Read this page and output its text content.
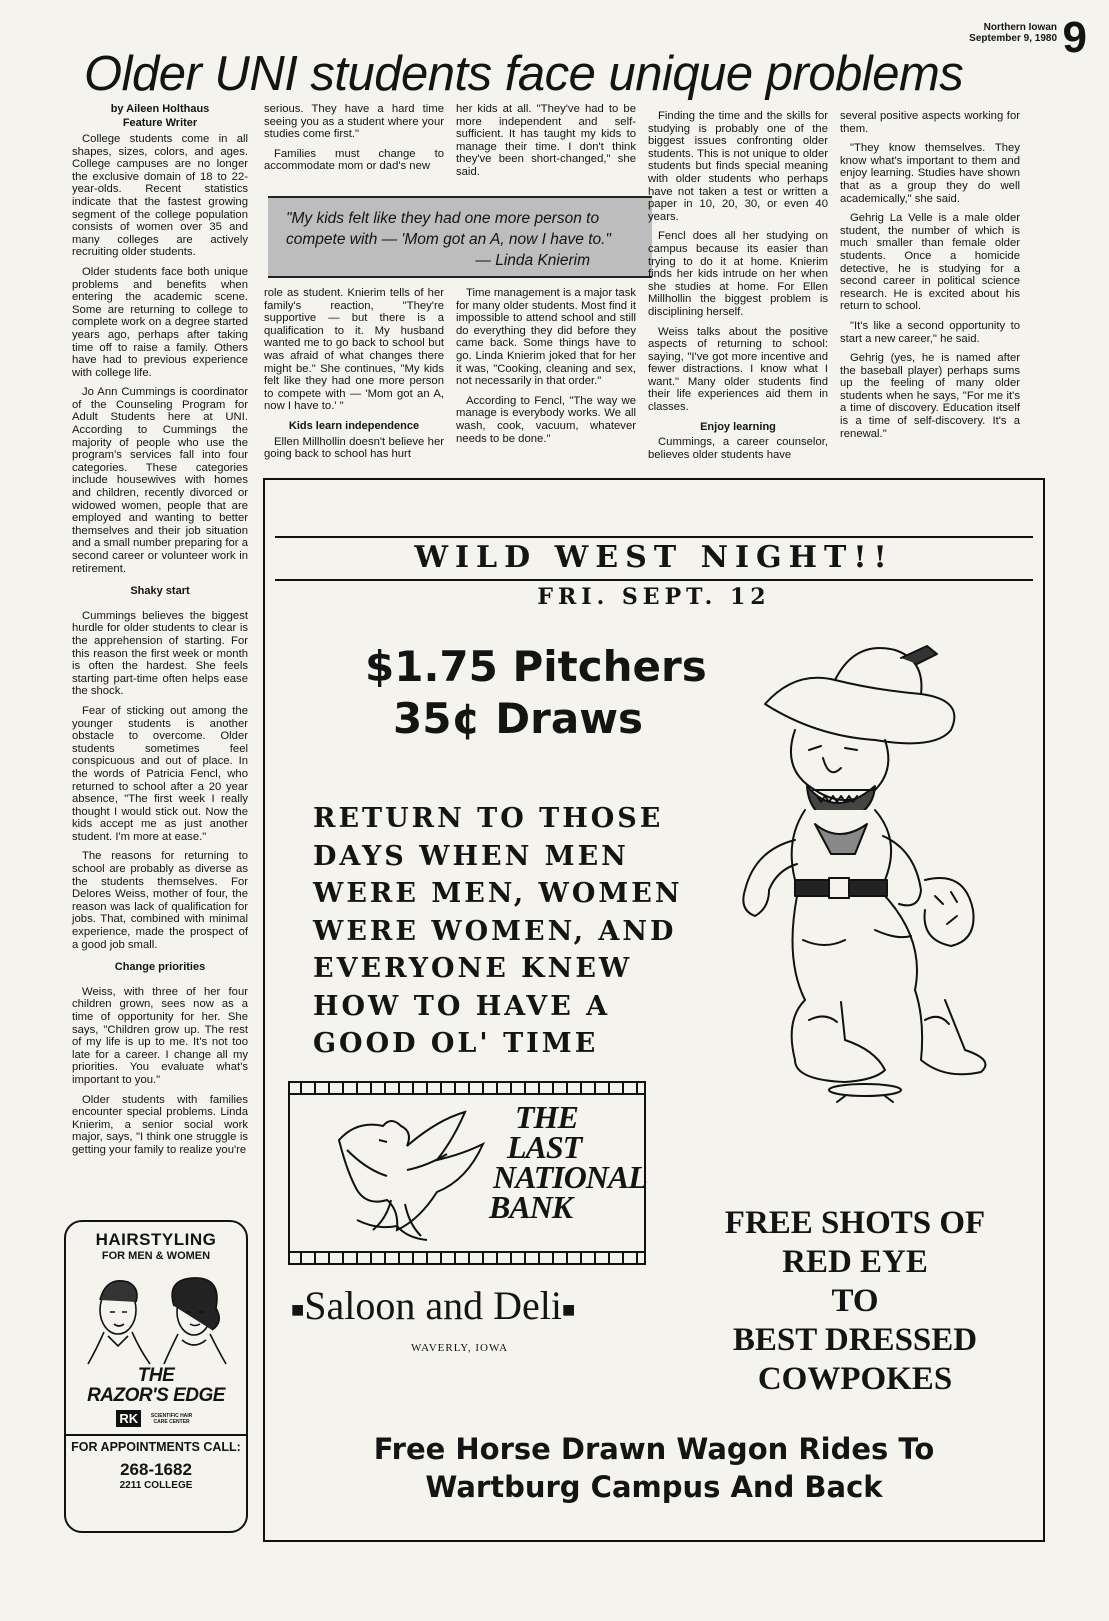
Northern Iowan
September 9, 1980 9
Older UNI students face unique problems
by Aileen Holthaus
Feature Writer

College students come in all shapes, sizes, colors, and ages. College campuses are no longer the exclusive domain of 18 to 22-year-olds. Recent statistics indicate that the fastest growing segment of the college population consists of women over 35 and many colleges are actively recruiting older students.

Older students face both unique problems and benefits when entering the academic scene. Some are returning to college to complete work on a degree started years ago, perhaps after taking time off to raise a family. Others have had to previous experience with college life.

Jo Ann Cummings is coordinator of the Counseling Program for Adult Students here at UNI. According to Cummings the majority of people who use the program's services fall into four categories. These categories include housewives with homes and children, recently divorced or widowed women, people that are employed and wanting to better themselves and their job situation and a small number preparing for a second career or volunteer work in retirement.

Shaky start

Cummings believes the biggest hurdle for older students to clear is the apprehension of starting. For this reason the first week or month is often the hardest. She feels starting part-time often helps ease the shock.

Fear of sticking out among the younger students is another obstacle to overcome. Older students sometimes feel conspicuous and out of place. In the words of Patricia Fencl, who returned to school after a 20 year absence, "The first week I really thought I would stick out. Now the kids accept me as just another student. I'm more at ease."

The reasons for returning to school are probably as diverse as the students themselves. For Delores Weiss, mother of four, the reason was lack of qualification for jobs. That, combined with minimal experience, made the prospect of a good job small.

Change priorities

Weiss, with three of her four children grown, sees now as a time of opportunity for her. She says, "Children grow up. The rest of my life is up to me. It's not too late for a career. I change all my priorities. You evaluate what's important to you."

Older students with families encounter special problems. Linda Knierim, a senior social work major, says, "I think one struggle is getting your family to realize you're

serious. They have a hard time seeing you as a student where your studies come first."

Families must change to accommodate mom or dad's new

her kids at all. "They've had to be more independent and self-sufficient. It has taught my kids to manage their time. I don't think they've been short-changed," she said.

"My kids felt like they had one more person to compete with — 'Mom got an A, now I have to."
— Linda Knierim

role as student. Knierim tells of her family's reaction, "They're supportive — but there is a qualification to it. My husband wanted me to go back to school but was afraid of what changes there might be." She continues, "My kids felt like they had one more person to compete with — 'Mom got an A, now I have to.' "

Kids learn independence

Ellen Millhollin doesn't believe her going back to school has hurt

Time management is a major task for many older students. Most find it impossible to attend school and still do everything they did before they came back. Some things have to go. Linda Knierim joked that for her it was, "Cooking, cleaning and sex, not necessarily in that order."

According to Fencl, "The way we manage is everybody works. We all wash, cook, vacuum, whatever needs to be done."

Finding the time and the skills for studying is probably one of the biggest issues confronting older students. This is not unique to older students but finds special meaning with older students who perhaps have not taken a test or written a paper in 10, 20, 30, or even 40 years.

Fencl does all her studying on campus because its easier than trying to do it at home. Knierim finds her kids intrude on her when she studies at home. For Ellen Millhollin the biggest problem is disciplining herself.

Weiss talks about the positive aspects of returning to school: saying, "I've got more incentive and fewer distractions. I know what I want." Many older students find their life experiences aid them in classes.

Enjoy learning

Cummings, a career counselor, believes older students have

several positive aspects working for them.

"They know themselves. They know what's important to them and enjoy learning. Studies have shown that as a group they do well academically," she said.

Gehrig La Velle is a male older student, the number of which is much smaller than female older students. Once a homicide detective, he is studying for a second career in political science research. He is excited about his return to school.

"It's like a second opportunity to start a new career," he said.

Gehrig (yes, he is named after the baseball player) perhaps sums up the feeling of many older students when he says, "For me it's a time of discovery. Education itself is a time of self-discovery. It's a renewal."

HAIRSTYLING
FOR MEN & WOMEN
THE
RAZOR'S EDGE
RK	SCIENTIFIC HAIR CARE CENTER
FOR APPOINTMENTS CALL:
268-1682
2211 COLLEGE
WILD WEST NIGHT!!
FRI. SEPT. 12
$1.75 Pitchers
35¢ Draws
RETURN TO THOSE
DAYS WHEN MEN
WERE MEN, WOMEN
WERE WOMEN, AND
EVERYONE KNEW
HOW TO HAVE A
GOOD OL' TIME
THE
LAST
NATIONAL
BANK
■Saloon and Deli■
WAVERLY, IOWA
FREE SHOTS OF
RED EYE
TO
BEST DRESSED
COWPOKES
Free Horse Drawn Wagon Rides To
Wartburg Campus And Back
